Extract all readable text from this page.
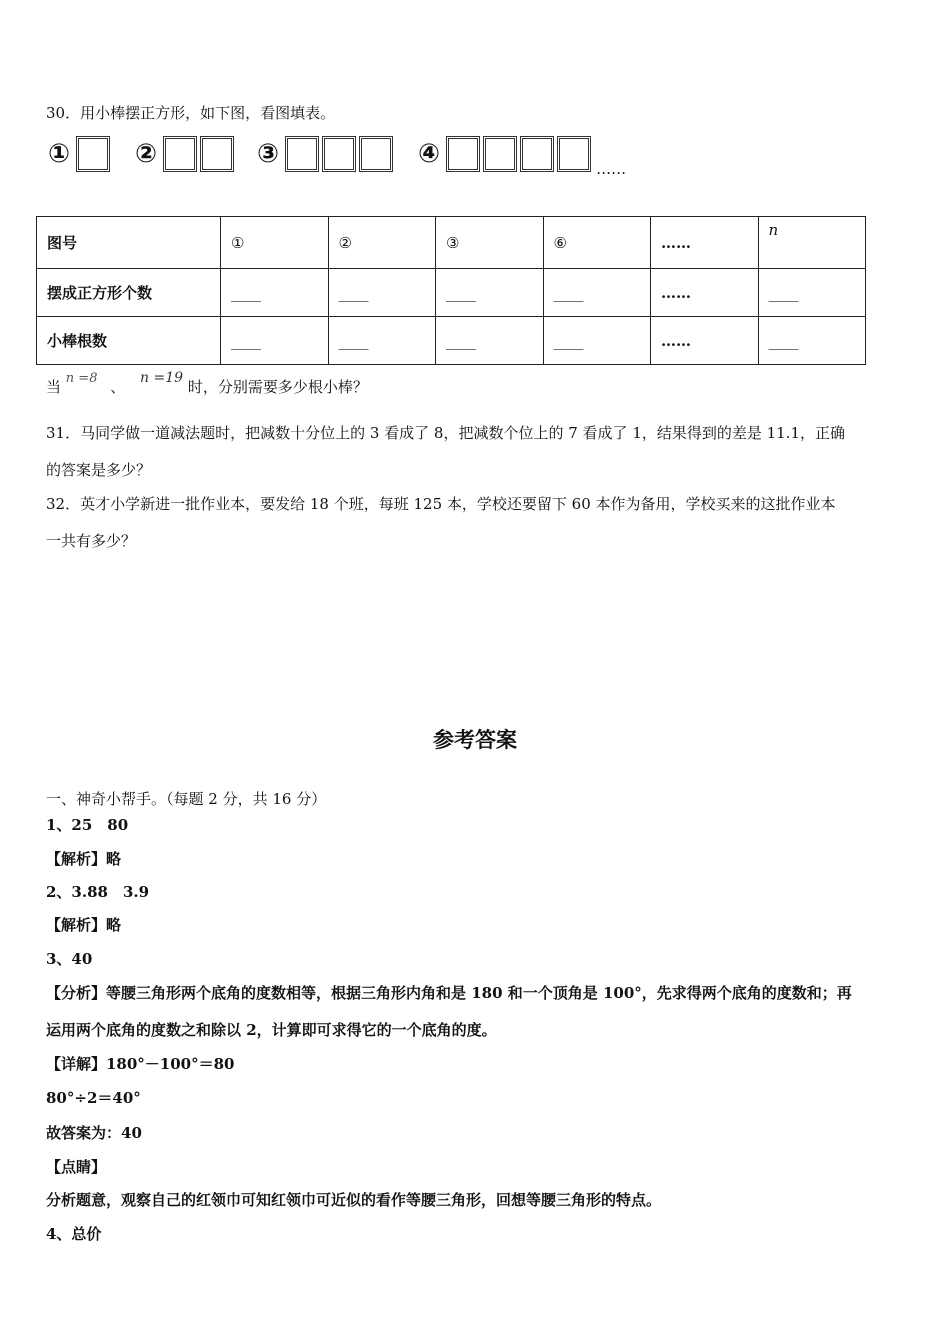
30．用小棒摆正方形，如下图，看图填表。
①	②	③	④	……
图号	①	②	③	⑥	……	n
摆成正方形个数	____	____	____	____	……	____
小棒根数	____	____	____	____	……	____
当 n =8 、 n =19 时，分别需要多少根小棒？
31．马同学做一道减法题时，把减数十分位上的 3 看成了 8，把减数个位上的 7 看成了 1，结果得到的差是 11.1，正确
的答案是多少？
32．英才小学新进一批作业本，要发给 18 个班，每班 125 本，学校还要留下 60 本作为备用，学校买来的这批作业本
一共有多少？
参考答案
一、神奇小帮手。（每题 2 分，共 16 分）
1、25　80
【解析】略
2、3.88　3.9
【解析】略
3、40
【分析】等腰三角形两个底角的度数相等，根据三角形内角和是 180 和一个顶角是 100°，先求得两个底角的度数和；再
运用两个底角的度数之和除以 2，计算即可求得它的一个底角的度。
【详解】180°－100°＝80
80°÷2＝40°
故答案为：40
【点睛】
分析题意，观察自己的红领巾可知红领巾可近似的看作等腰三角形，回想等腰三角形的特点。
4、总价
